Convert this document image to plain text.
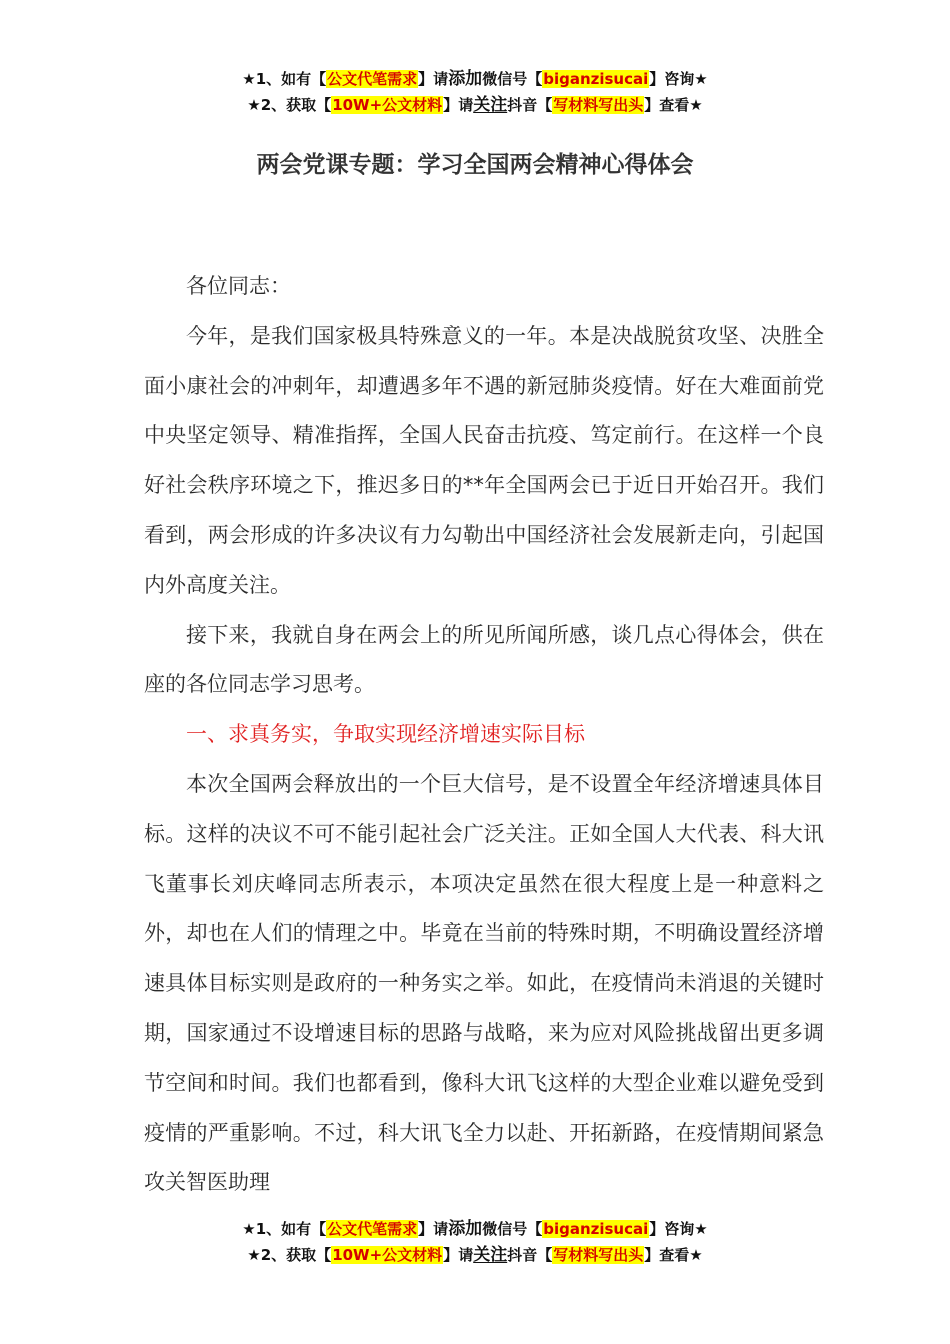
★1、如有【公文代笔需求】请添加微信号【biganzisucai】咨询★
★2、获取【10W+公文材料】请关注抖音【写材料写出头】查看★
两会党课专题：学习全国两会精神心得体会

各位同志：

今年，是我们国家极具特殊意义的一年。本是决战脱贫攻坚、决胜全面小康社会的冲刺年，却遭遇多年不遇的新冠肺炎疫情。好在大难面前党中央坚定领导、精准指挥，全国人民奋击抗疫、笃定前行。在这样一个良好社会秩序环境之下，推迟多日的**年全国两会已于近日开始召开。我们看到，两会形成的许多决议有力勾勒出中国经济社会发展新走向，引起国内外高度关注。

接下来，我就自身在两会上的所见所闻所感，谈几点心得体会，供在座的各位同志学习思考。

一、求真务实，争取实现经济增速实际目标

本次全国两会释放出的一个巨大信号，是不设置全年经济增速具体目标。这样的决议不可不能引起社会广泛关注。正如全国人大代表、科大讯飞董事长刘庆峰同志所表示，本项决定虽然在很大程度上是一种意料之外，却也在人们的情理之中。毕竟在当前的特殊时期，不明确设置经济增速具体目标实则是政府的一种务实之举。如此，在疫情尚未消退的关键时期，国家通过不设增速目标的思路与战略，来为应对风险挑战留出更多调节空间和时间。我们也都看到，像科大讯飞这样的大型企业难以避免受到疫情的严重影响。不过，科大讯飞全力以赴、开拓新路，在疫情期间紧急攻关智医助理

★1、如有【公文代笔需求】请添加微信号【biganzisucai】咨询★
★2、获取【10W+公文材料】请关注抖音【写材料写出头】查看★
